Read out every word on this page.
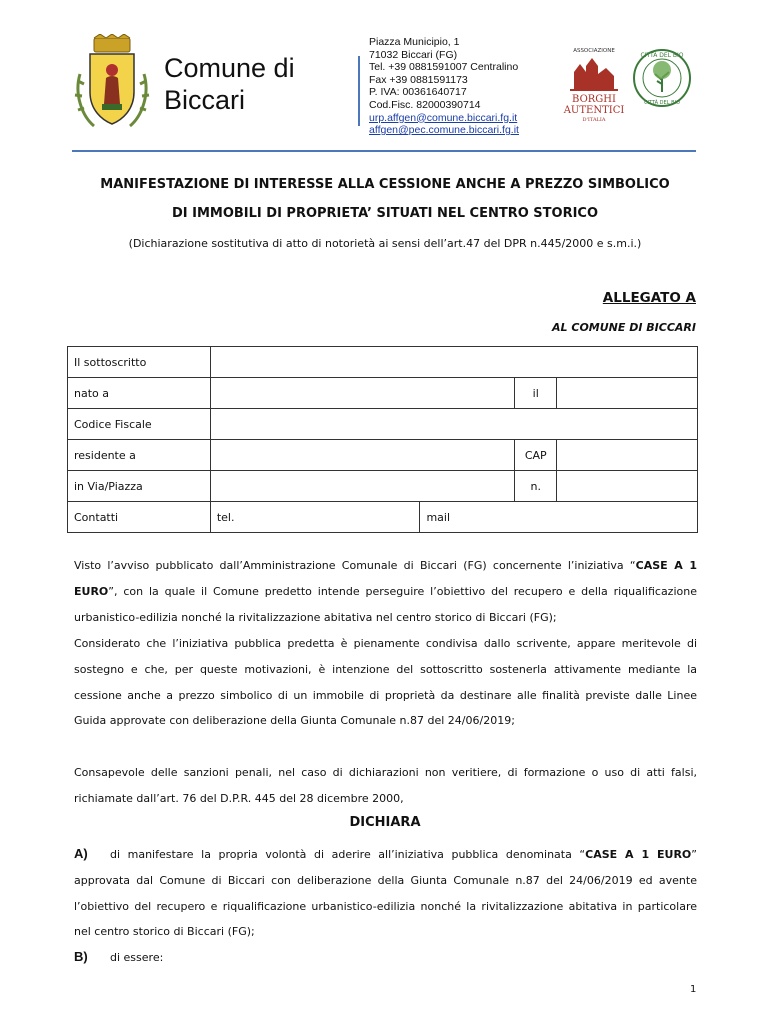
Comune di
Biccari
Piazza Municipio, 1
71032 Biccari (FG)
Tel. +39 0881591007 Centralino
Fax +39 0881591173
P. IVA: 00361640717
Cod.Fisc. 82000390714
urp.affgen@comune.biccari.fg.it
affgen@pec.comune.biccari.fg.it
ASSOCIAZIONE
BORGHI
AUTENTICI
D'ITALIA
CITTÀ DEL BIO
CITTÀ DEL BIO
MANIFESTAZIONE DI INTERESSE ALLA CESSIONE ANCHE A PREZZO SIMBOLICO
DI IMMOBILI DI PROPRIETA’ SITUATI NEL CENTRO STORICO
(Dichiarazione sostitutiva di atto di notorietà ai sensi dell’art.47 del DPR n.445/2000 e s.m.i.)
ALLEGATO A
AL COMUNE DI BICCARI
Il sottoscritto				
nato a			il	
Codice Fiscale				
residente a			CAP	
in Via/Piazza			n.	
Contatti	tel.	mail		
Visto l’avviso pubblicato dall’Amministrazione Comunale di Biccari (FG) concernente l’iniziativa “CASE A 1 EURO”, con la quale il Comune predetto intende perseguire l’obiettivo del recupero e della riqualificazione urbanistico-edilizia nonché la rivitalizzazione abitativa nel centro storico di Biccari (FG);
Considerato che l’iniziativa pubblica predetta è pienamente condivisa dallo scrivente, appare meritevole di sostegno e che, per queste motivazioni, è intenzione del sottoscritto sostenerla attivamente mediante la cessione anche a prezzo simbolico di un immobile di proprietà da destinare alle finalità previste dalle Linee Guida approvate con deliberazione della Giunta Comunale n.87 del 24/06/2019;
Consapevole delle sanzioni penali, nel caso di dichiarazioni non veritiere, di formazione o uso di atti falsi, richiamate dall’art. 76 del D.P.R. 445 del 28 dicembre 2000,
DICHIARA
A) di manifestare la propria volontà di aderire all’iniziativa pubblica denominata “CASE A 1 EURO” approvata dal Comune di Biccari con deliberazione della Giunta Comunale n.87 del 24/06/2019 ed avente l’obiettivo del recupero e riqualificazione urbanistico-edilizia nonché la rivitalizzazione abitativa in particolare nel centro storico di Biccari (FG);
B) di essere:
1
